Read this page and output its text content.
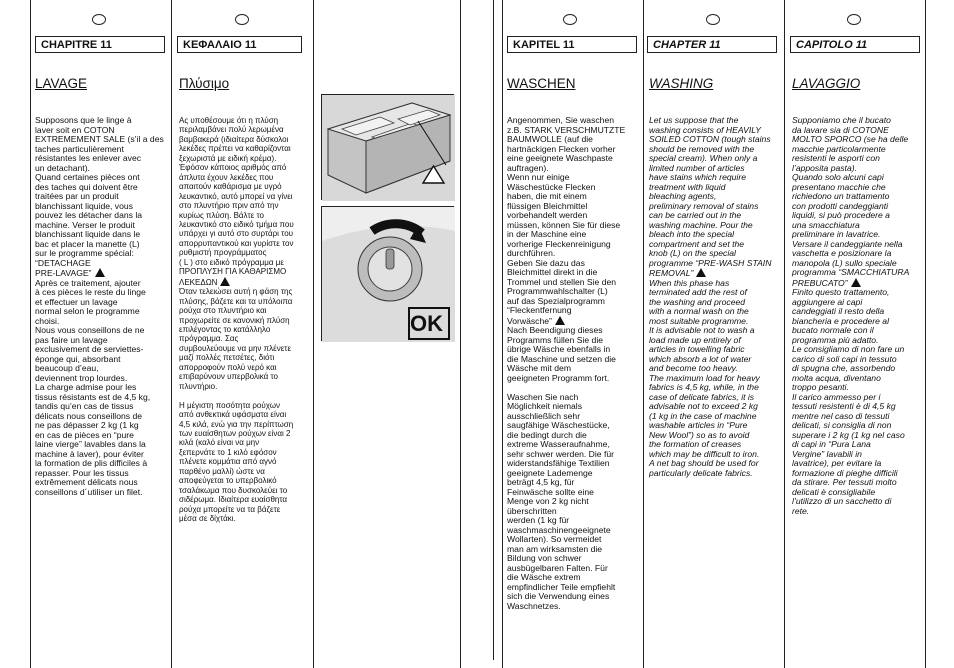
CHAPITRE 11
LAVAGE
Supposons que le linge à
laver soit en COTON
EXTREMEMENT SALE (s’il a des
taches particulièrement
résistantes les enlever avec
un detachant).
Quand certaines pièces ont
des taches qui doivent être
traitées par un produit
blanchissant liquide, vous
pouvez les détacher dans la
machine. Verser le produit
blanchissant liquide dans le
bac et placer la manette (L)
sur le programme spécial:
“DETACHAGE
PRE-LAVAGE”
Après ce traitement, ajouter
à ces pièces le reste du linge
et effectuer un lavage
normal selon le programme
choisi.
Nous vous conseillons de ne
pas faire un lavage
exclusivement de serviettes-
éponge qui, absorbant
beaucoup d’eau,
deviennent trop lourdes.
La charge admise pour les
tissus résistants est de 4,5 kg,
tandis qu’en cas de tissus
délicats nous conseillons de
ne pas dépasser 2 kg (1 kg
en cas de pièces en “pure
laine vierge” lavables dans la
machine à laver), pour éviter
la formation de plis difficiles à
repasser. Pour les tissus
extrêmement délicats nous
conseillons d´utiliser un filet.
ΚΕΦΑΛΑΙΟ 11
Πλύσιμο
Ας υποθέσουμε ότι η πλύση
περιλαμβάνει πολύ λερωμένα
βαμβακερά (ιδιαίτερα δύσκολοι
λεκέδες πρέπει να καθαρίζονται
ξεχωριστά με ειδική κρέμα).
Έφόσον κάποιος αριθμός από
άπλυτα έχουν λεκέδες που
απαιτούν καθάρισμα με υγρό
λευκαντικό, αυτό μπορεί να γίνει
στο πλυντήριο πριν από την
κυρίως πλύση. Βάλτε το
λευκαντικό στο ειδικό τμήμα που
υπάρχει γι αυτό στο συρτάρι του
απορρυπαντικού και γυρίστε τον
ρυθμιστή προγράμματος
( L ) στο ειδικό πρόγραμμα με
ΠΡΟΠΛΥΣΗ ΓΙΑ ΚΑΘΑΡΙΣΜΟ
ΛΕΚΕΔΩΝ
Όταν τελειώσει αυτή η φάση της
πλύσης, βάζετε και τα υπόλοιπα
ρούχα στο πλυντήριο και
προχωρείτε σε κανονική πλύση
επιλέγοντας το κατάλληλο
πρόγραμμα. Σας
συμβουλεύουμε να μην πλένετε
μαζί πολλές πετσέτες, διότι
απορροφούν πολύ νερό και
επιβαρύνουν υπερβολικά το
πλυντήριο.

Η μέγιστη ποσότητα ρούχων
από ανθεκτικά υφάσματα είναι
4,5 κιλά, ενώ για την περίπτωση
των ευαίσθητων ρούχων είναι 2
κιλά (καλό είναι να μην
ξεπερνάτε το 1 κιλό εφόσον
πλένετε κομμάτια από αγνό
παρθένο μαλλί) ώστε να
αποφεύγεται το υπερβολικό
τσαλάκωμα που δυσκολεύει το
σιδέρωμα. Ιδιαίτερα ευαίσθητα
ρούχα μπορείτε να τα βάζετε
μέσα σε δίχτάκι.
OK
KAPITEL 11
WASCHEN
Angenommen, Sie waschen
z.B. STARK VERSCHMUTZTE
BAUMWOLLE (auf die
hartnäckigen Flecken vorher
eine geeignete Waschpaste
auftragen).
Wenn nur einige
Wäschestücke Flecken
haben, die mit einem
flüssigen Bleichmittel
vorbehandelt werden
müssen, können Sie für diese
in der Maschine eine
vorherige Fleckenreinigung
durchführen.
Geben Sie dazu das
Bleichmittel direkt in die
Trommel und stellen Sie den
Programmwahlschalter (L)
auf das Spezialprogramm
“Fleckentfernung
Vorwäsche”
Nach Beendigung dieses
Programms füllen Sie die
übrige Wäsche ebenfalls in
die Maschine und setzen die
Wäsche mit dem
geeigneten Programm fort.

Waschen Sie nach
Möglichkeit niemals
ausschließlich sehr
saugfähige Wäschestücke,
die bedingt durch die
extreme Wasseraufnahme,
sehr schwer werden. Die für
widerstandsfähige Textilien
geeignete Lademenge
beträgt 4,5 kg, für
Feinwäsche sollte eine
Menge von 2 kg nicht
überschritten
werden (1 kg für
waschmaschinengeeignete
Wollarten). So vermeidet
man am wirksamsten die
Bildung von schwer
ausbügelbaren Falten. Für
die Wäsche extrem
empfindlicher Teile empfiehlt
sich die Verwendung eines
Waschnetzes.
CHAPTER 11
WASHING
Let us suppose that the
washing consists of HEAVILY
SOILED COTTON (tough stains
should be removed with the
special cream). When only a
limited number of articles
have stains which require
treatment with liquid
bleaching agents,
preliminary removal of stains
can be carried out in the
washing machine. Pour the
bleach into the special
compartment and set the
knob (L) on the special
programme “PRE-WASH STAIN
REMOVAL”
When this phase has
terminated add the rest of
the washing and proceed
with a normal wash on the
most suitable programme.
It is advisable not to wash a
load made up entirely of
articles in towelling fabric
which absorb a lot of water
and become too heavy.
The maximum load for heavy
fabrics is 4,5 kg, while, in the
case of delicate fabrics, it is
advisable not to exceed 2 kg
(1 kg in the case of machine
washable articles in “Pure
New Wool”) so as to avoid
the formation of creases
which may be difficult to iron.
A net bag should be used for
particularly delicate fabrics.
CAPITOLO 11
LAVAGGIO
Supponiamo che il bucato
da lavare sia di COTONE
MOLTO SPORCO (se ha delle
macchie particolarmente
resistenti le asporti con
l’apposita pasta).
Quando solo alcuni capi
presentano macchie che
richiedono un trattamento
con prodotti candeggianti
liquidi, si può procedere a
una smacchiatura
preliminare in lavatrice.
Versare il candeggiante nella
vaschetta e posizionare la
manopola (L) sullo speciale
programma “SMACCHIATURA
PREBUCATO”
Finito questo trattamento,
aggiungere ai capi
candeggiati il resto della
biancheria e procedere al
bucato normale con il
programma più adatto.
Le consigliamo di non fare un
carico di soli capi in tessuto
di spugna che, assorbendo
molta acqua, diventano
troppo pesanti.
Il carico ammesso per i
tessuti resistenti è di 4,5 kg
mentre nel caso di tessuti
delicati, si consiglia di non
superare i 2 kg (1 kg nel caso
di capi in “Pura Lana
Vergine” lavabili in
lavatrice), per evitare la
formazione di pieghe difficili
da stirare. Per tessuti molto
delicati è consigliabile
l’utilizzo di un sacchetto di
rete.
